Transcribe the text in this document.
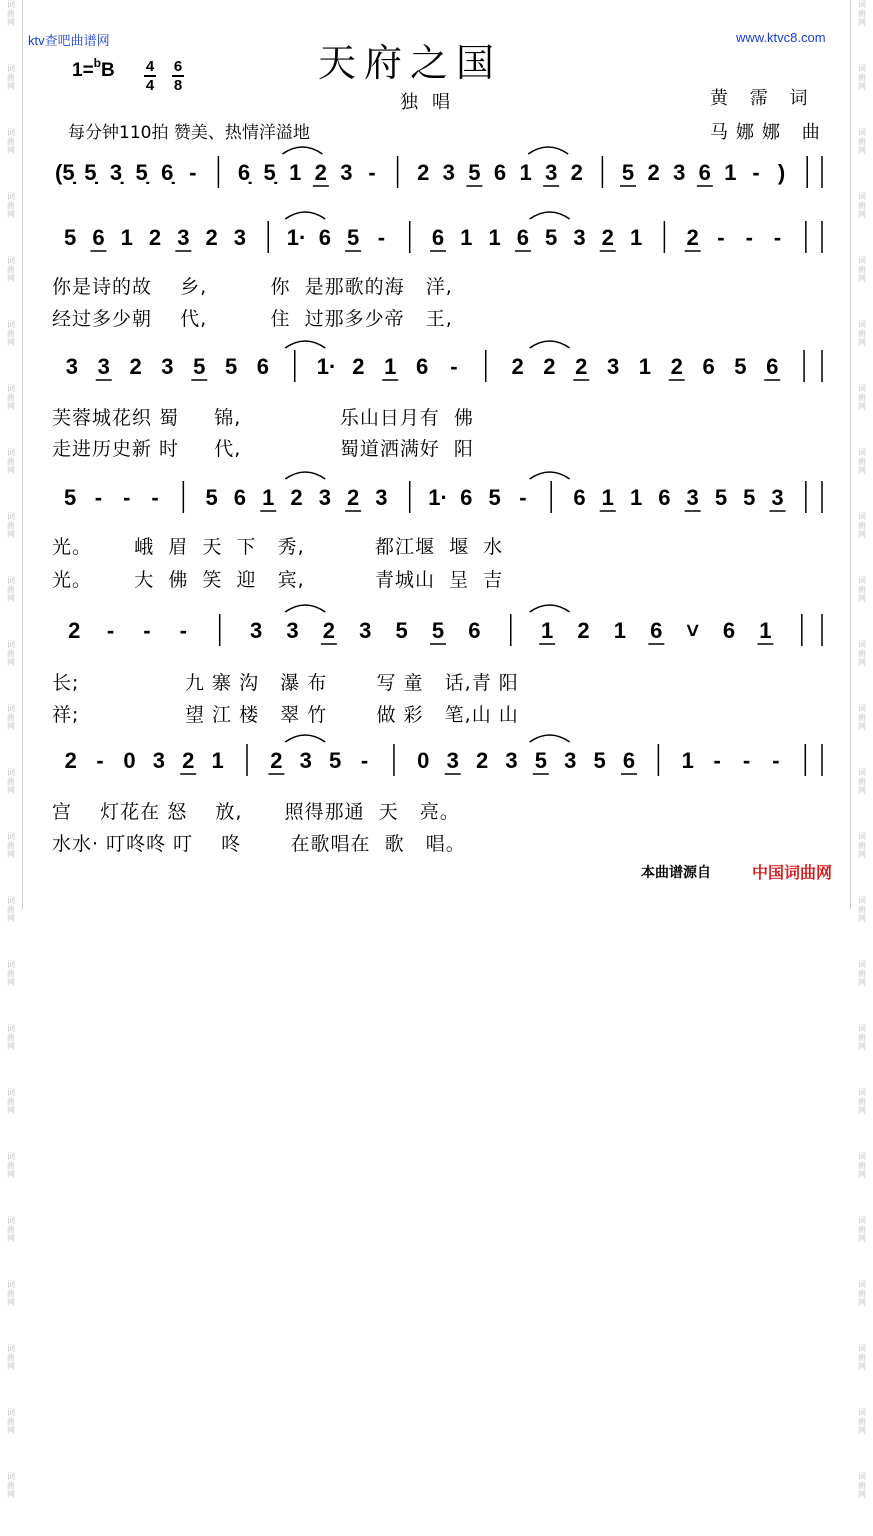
词
曲
网
词
曲
网
词
曲
网
词
曲
网
词
曲
网
词
曲
网
词
曲
网
词
曲
网
词
曲
网
词
曲
网
词
曲
网
词
曲
网
词
曲
网
词
曲
网
词
曲
网
词
曲
网
词
曲
网
词
曲
网
词
曲
网
词
曲
网
词
曲
网
词
曲
网
词
曲
网
词
曲
网
词
曲
网
词
曲
网
词
曲
网
词
曲
网
词
曲
网
词
曲
网
词
曲
网
词
曲
网
词
曲
网
词
曲
网
词
曲
网
词
曲
网
词
曲
网
词
曲
网
词
曲
网
词
曲
网
词
曲
网
词
曲
网
词
曲
网
词
曲
网
词
曲
网
词
曲
网
词
曲
网
词
曲
网
ktv查吧曲谱网	www.ktvc8.com
天府之国
独唱
1=$^b$B 4
4
6
8
黄 霈 词
马娜娜 曲
每分钟110拍 赞美、热情洋溢地
(5̣ 5̣ 3̣ 5̣ 6̣ - 6̣ 5̣ 1 2 3 - 2 3 5 6 1 3 2 5 2 3 6 1 - )
5 6 1 2 3 2 3 1· 6 5 - 6 1 1 6 5 3 2 1 2 - - -
3 3 2 3 5 5 6 1· 2 1 6 - 2 2 2 3 1 2 6 5 6
5 - - - 5 6 1 2 3 2 3 1· 6 5 - 6 1 1 6 3 5 5 3
2 - - -	3 3 2 3 5 5 6	1 2 1 6 ˅ 6 1
2 - 0 3 2 1 2 3 5 - 0 3 2 3 5 3 5 6 1 - - -
你是诗的故    乡,         你  是那歌的海   洋,
经过多少朝    代,         住  过那多少帝   王,
芙蓉城花织 蜀     锦,              乐山日月有  佛
走进历史新 时     代,              蜀道洒满好  阳
光。      峨  眉  天  下   秀,          都江堰  堰  水
光。      大  佛  笑  迎   宾,          青城山  呈  吉
长;               九 寨 沟   瀑 布       写 童   话,青 阳
祥;               望 江 楼   翠 竹       做 彩   笔,山 山
宫    灯花在 怒    放,      照得那通  天   亮。
水水· 叮咚咚 叮    咚       在歌唱在  歌   唱。
本曲谱源自	中国词曲网
